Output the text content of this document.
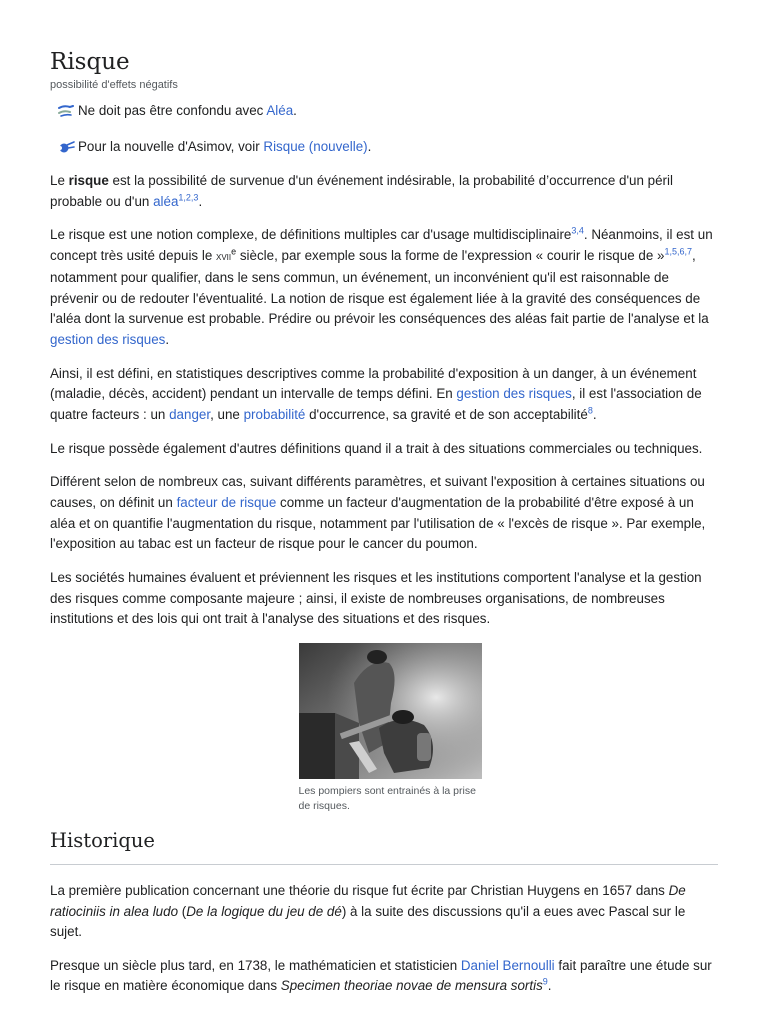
Risque
possibilité d'effets négatifs
Ne doit pas être confondu avec Aléa.
Pour la nouvelle d'Asimov, voir Risque (nouvelle).

Le risque est la possibilité de survenue d'un événement indésirable, la probabilité d’occurrence d'un péril probable ou d'un aléa$^{1,2,3}$.

Le risque est une notion complexe, de définitions multiples car d'usage multidisciplinaire$^{3,4}$. Néanmoins, il est un concept très usité depuis le xvii$^e$ siècle, par exemple sous la forme de l'expression « courir le risque de »$^{1,5,6,7}$, notamment pour qualifier, dans le sens commun, un événement, un inconvénient qu'il est raisonnable de prévenir ou de redouter l'éventualité. La notion de risque est également liée à la gravité des conséquences de l'aléa dont la survenue est probable. Prédire ou prévoir les conséquences des aléas fait partie de l'analyse et la gestion des risques.

Ainsi, il est défini, en statistiques descriptives comme la probabilité d'exposition à un danger, à un événement (maladie, décès, accident) pendant un intervalle de temps défini. En gestion des risques, il est l'association de quatre facteurs : un danger, une probabilité d'occurrence, sa gravité et de son acceptabilité$^8$.

Le risque possède également d'autres définitions quand il a trait à des situations commerciales ou techniques.

Différent selon de nombreux cas, suivant différents paramètres, et suivant l'exposition à certaines situations ou causes, on définit un facteur de risque comme un facteur d'augmentation de la probabilité d'être exposé à un aléa et on quantifie l'augmentation du risque, notamment par l'utilisation de « l'excès de risque ». Par exemple, l'exposition au tabac est un facteur de risque pour le cancer du poumon.

Les sociétés humaines évaluent et préviennent les risques et les institutions comportent l'analyse et la gestion des risques comme composante majeure ; ainsi, il existe de nombreuses organisations, de nombreuses institutions et des lois qui ont trait à l'analyse des situations et des risques.

Les pompiers sont entrainés à la prise de risques.
Historique

La première publication concernant une théorie du risque fut écrite par Christian Huygens en 1657 dans De ratiociniis in alea ludo (De la logique du jeu de dé) à la suite des discussions qu'il a eues avec Pascal sur le sujet.

Presque un siècle plus tard, en 1738, le mathématicien et statisticien Daniel Bernoulli fait paraître une étude sur le risque en matière économique dans Specimen theoriae novae de mensura sortis$^9$.
